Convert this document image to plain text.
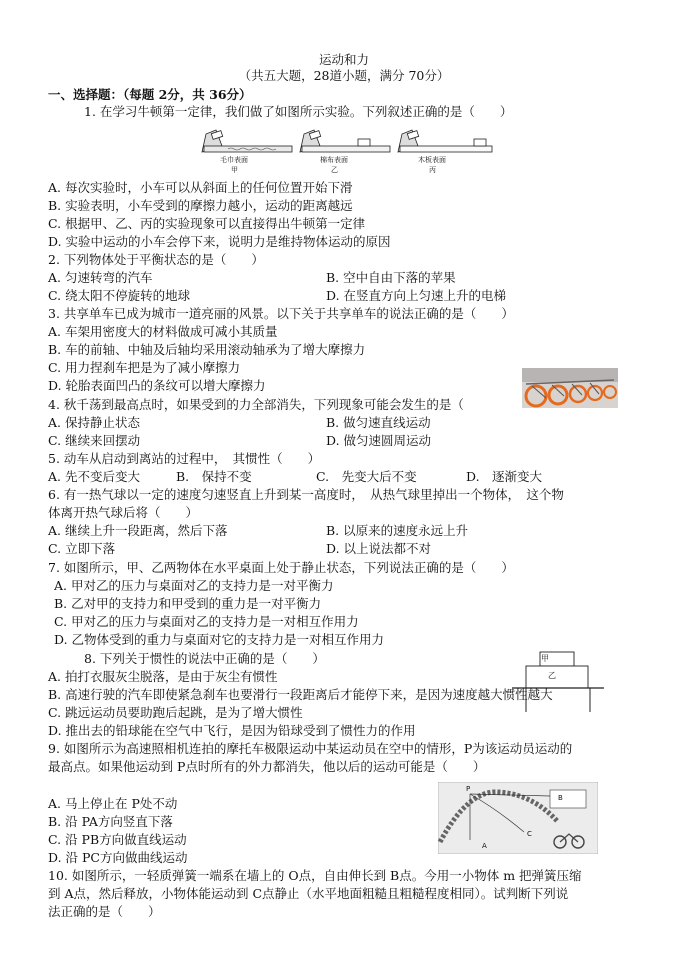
运动和力
（共五大题，28道小题，满分 70分）
一、选择题：（每题 2分，共 36分）
1. 在学习牛顿第一定律，我们做了如图所示实验。下列叙述正确的是（　　）
毛巾表面
甲
棉布表面
乙
木板表面
丙
A. 每次实验时，小车可以从斜面上的任何位置开始下滑
B. 实验表明，小车受到的摩擦力越小，运动的距离越远
C. 根据甲、乙、丙的实验现象可以直接得出牛顿第一定律
D. 实验中运动的小车会停下来，说明力是维持物体运动的原因
2. 下列物体处于平衡状态的是（　　）
A. 匀速转弯的汽车	B. 空中自由下落的苹果
C. 绕太阳不停旋转的地球	D. 在竖直方向上匀速上升的电梯
3. 共享单车已成为城市一道亮丽的风景。以下关于共享单车的说法正确的是（　　）
A. 车架用密度大的材料做成可减小其质量
B. 车的前轴、中轴及后轴均采用滚动轴承为了增大摩擦力
C. 用力捏刹车把是为了减小摩擦力
D. 轮胎表面凹凸的条纹可以增大摩擦力
4. 秋千荡到最高点时，如果受到的力全部消失，下列现象可能会发生的是（
A. 保持静止状态	B. 做匀速直线运动
C. 继续来回摆动	D. 做匀速圆周运动
5. 动车从启动到离站的过程中，　其惯性（　　）
A. 先不变后变大	B.　保持不变	C.　先变大后不变	D.　逐渐变大
6. 有一热气球以一定的速度匀速竖直上升到某一高度时，　从热气球里掉出一个物体，　这个物
体离开热气球后将（　　）
A. 继续上升一段距离，然后下落	B. 以原来的速度永远上升
C. 立即下落	D. 以上说法都不对
7. 如图所示，甲、乙两物体在水平桌面上处于静止状态，下列说法正确的是（　　）
A. 甲对乙的压力与桌面对乙的支持力是一对平衡力
B. 乙对甲的支持力和甲受到的重力是一对平衡力
C. 甲对乙的压力与桌面对乙的支持力是一对相互作用力
D. 乙物体受到的重力与桌面对它的支持力是一对相互作用力
甲
乙
8. 下列关于惯性的说法中正确的是（　　）
A. 拍打衣服灰尘脱落，是由于灰尘有惯性
B. 高速行驶的汽车即使紧急刹车也要滑行一段距离后才能停下来，是因为速度越大惯性越大
C. 跳远运动员要助跑后起跳，是为了增大惯性
D. 推出去的铅球能在空气中飞行，是因为铅球受到了惯性力的作用
9. 如图所示为高速照相机连拍的摩托车极限运动中某运动员在空中的情形，P为该运动员运动的
最高点。如果他运动到 P点时所有的外力都消失，他以后的运动可能是（　　）
P
B
C
A
A. 马上停止在 P处不动
B. 沿 PA方向竖直下落
C. 沿 PB方向做直线运动
D. 沿 PC方向做曲线运动
10. 如图所示，一轻质弹簧一端系在墙上的 O点，自由伸长到 B点。今用一小物体 m 把弹簧压缩
到 A点，然后释放，小物体能运动到 C点静止（水平地面粗糙且粗糙程度相同）。试判断下列说
法正确的是（　　）
